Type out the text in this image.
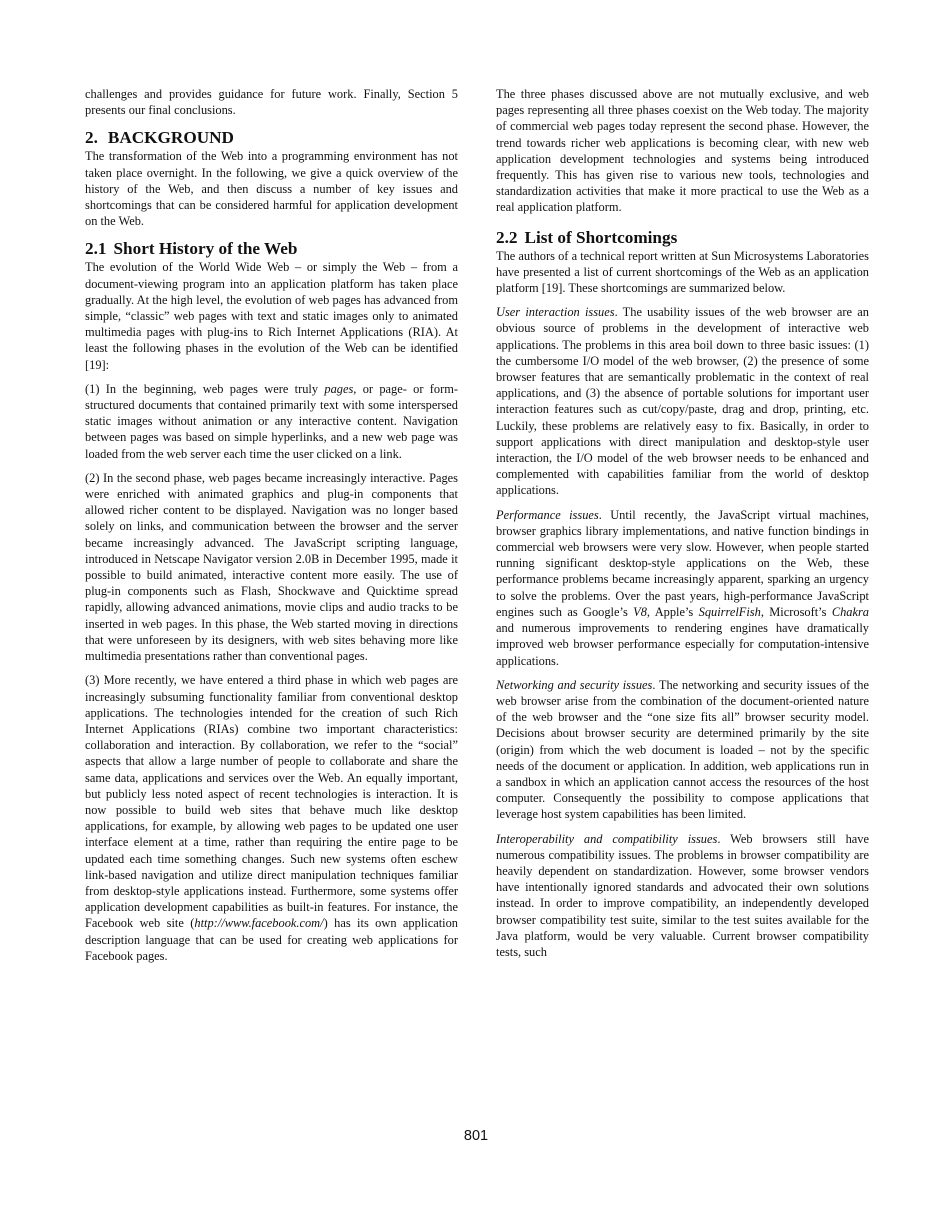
challenges and provides guidance for future work. Finally, Section 5 presents our final conclusions.

2. BACKGROUND

The transformation of the Web into a programming environment has not taken place overnight. In the following, we give a quick overview of the history of the Web, and then discuss a number of key issues and shortcomings that can be considered harmful for application development on the Web.

2.1 Short History of the Web

The evolution of the World Wide Web – or simply the Web – from a document-viewing program into an application platform has taken place gradually. At the high level, the evolution of web pages has advanced from simple, “classic” web pages with text and static images only to animated multimedia pages with plug-ins to Rich Internet Applications (RIA). At least the following phases in the evolution of the Web can be identified [19]:

(1) In the beginning, web pages were truly pages, or page- or form-structured documents that contained primarily text with some interspersed static images without animation or any interactive content. Navigation between pages was based on simple hyperlinks, and a new web page was loaded from the web server each time the user clicked on a link.

(2) In the second phase, web pages became increasingly interactive. Pages were enriched with animated graphics and plug-in components that allowed richer content to be displayed. Navigation was no longer based solely on links, and communication between the browser and the server became increasingly advanced. The JavaScript scripting language, introduced in Netscape Navigator version 2.0B in December 1995, made it possible to build animated, interactive content more easily. The use of plug-in components such as Flash, Shockwave and Quicktime spread rapidly, allowing advanced animations, movie clips and audio tracks to be inserted in web pages. In this phase, the Web started moving in directions that were unforeseen by its designers, with web sites behaving more like multimedia presentations rather than conventional pages.

(3) More recently, we have entered a third phase in which web pages are increasingly subsuming functionality familiar from conventional desktop applications. The technologies intended for the creation of such Rich Internet Applications (RIAs) combine two important characteristics: collaboration and interaction. By collaboration, we refer to the “social” aspects that allow a large number of people to collaborate and share the same data, applications and services over the Web. An equally important, but publicly less noted aspect of recent technologies is interaction. It is now possible to build web sites that behave much like desktop applications, for example, by allowing web pages to be updated one user interface element at a time, rather than requiring the entire page to be updated each time something changes. Such new systems often eschew link-based navigation and utilize direct manipulation techniques familiar from desktop-style applications instead. Furthermore, some systems offer application development capabilities as built-in features. For instance, the Facebook web site (http://www.facebook.com/) has its own application description language that can be used for creating web applications for Facebook pages.

The three phases discussed above are not mutually exclusive, and web pages representing all three phases coexist on the Web today. The majority of commercial web pages today represent the second phase. However, the trend towards richer web applications is becoming clear, with new web application development technologies and systems being introduced frequently. This has given rise to various new tools, technologies and standardization activities that make it more practical to use the Web as a real application platform.

2.2 List of Shortcomings

The authors of a technical report written at Sun Microsystems Laboratories have presented a list of current shortcomings of the Web as an application platform [19]. These shortcomings are summarized below.

User interaction issues. The usability issues of the web browser are an obvious source of problems in the development of interactive web applications. The problems in this area boil down to three basic issues: (1) the cumbersome I/O model of the web browser, (2) the presence of some browser features that are semantically problematic in the context of real applications, and (3) the absence of portable solutions for important user interaction features such as cut/copy/paste, drag and drop, printing, etc. Luckily, these problems are relatively easy to fix. Basically, in order to support applications with direct manipulation and desktop-style user interaction, the I/O model of the web browser needs to be enhanced and complemented with capabilities familiar from the world of desktop applications.

Performance issues. Until recently, the JavaScript virtual machines, browser graphics library implementations, and native function bindings in commercial web browsers were very slow. However, when people started running significant desktop-style applications on the Web, these performance problems became increasingly apparent, sparking an urgency to solve the problems. Over the past years, high-performance JavaScript engines such as Google’s V8, Apple’s SquirrelFish, Microsoft’s Chakra and numerous improvements to rendering engines have dramatically improved web browser performance especially for computation-intensive applications.

Networking and security issues. The networking and security issues of the web browser arise from the combination of the document-oriented nature of the web browser and the “one size fits all” browser security model. Decisions about browser security are determined primarily by the site (origin) from which the web document is loaded – not by the specific needs of the document or application. In addition, web applications run in a sandbox in which an application cannot access the resources of the host computer. Consequently the possibility to compose applications that leverage host system capabilities has been limited.

Interoperability and compatibility issues. Web browsers still have numerous compatibility issues. The problems in browser compatibility are heavily dependent on standardization. However, some browser vendors have intentionally ignored standards and advocated their own solutions instead. In order to improve compatibility, an independently developed browser compatibility test suite, similar to the test suites available for the Java platform, would be very valuable. Current browser compatibility tests, such

801
